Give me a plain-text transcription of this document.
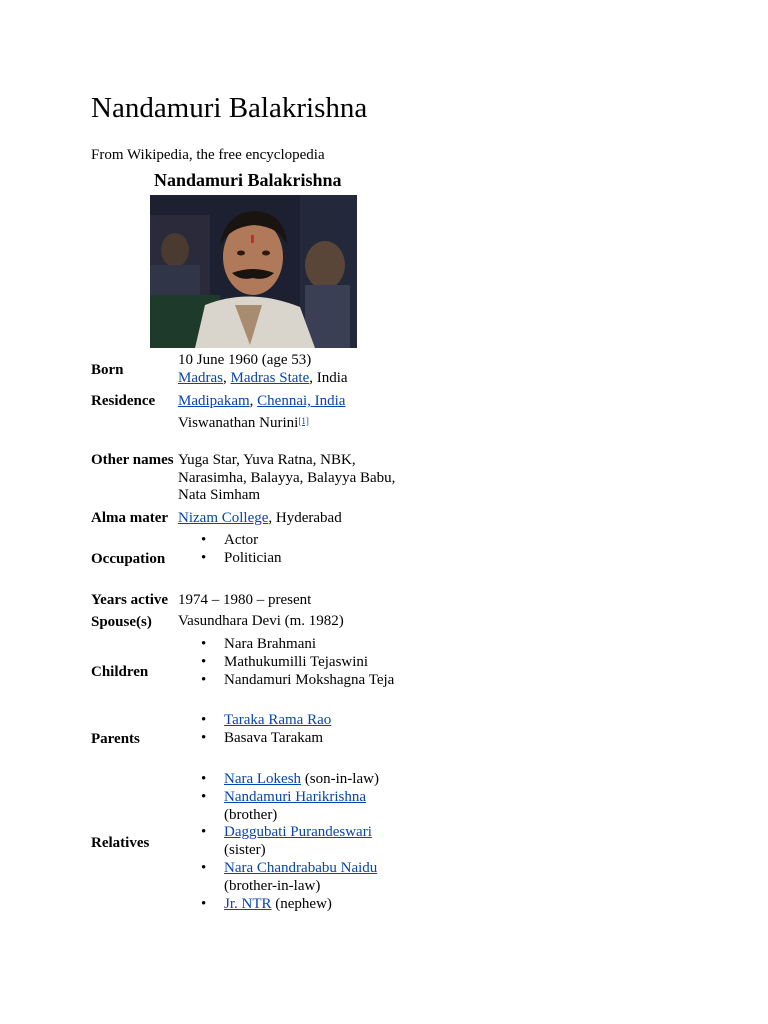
Nandamuri Balakrishna
From Wikipedia, the free encyclopedia
Nandamuri Balakrishna
Born
10 June 1960 (age 53)
Madras, Madras State, India
Residence Madipakam, Chennai, India
Viswanathan Nurini[1]
Other names Yuga Star, Yuva Ratna, NBK,
Narasimha, Balayya, Balayya Babu,
Nata Simham
Alma mater Nizam College, Hyderabad
Occupation
• Actor
• Politician
Years active 1974 – 1980 – present
Spouse(s) Vasundhara Devi (m. 1982)
Children
• Nara Brahmani
• Mathukumilli Tejaswini
• Nandamuri Mokshagna Teja
Parents
• Taraka Rama Rao
• Basava Tarakam
Relatives
• Nara Lokesh (son-in-law)
• Nandamuri Harikrishna
(brother)
• Daggubati Purandeswari
(sister)
• Nara Chandrababu Naidu
(brother-in-law)
• Jr. NTR (nephew)
